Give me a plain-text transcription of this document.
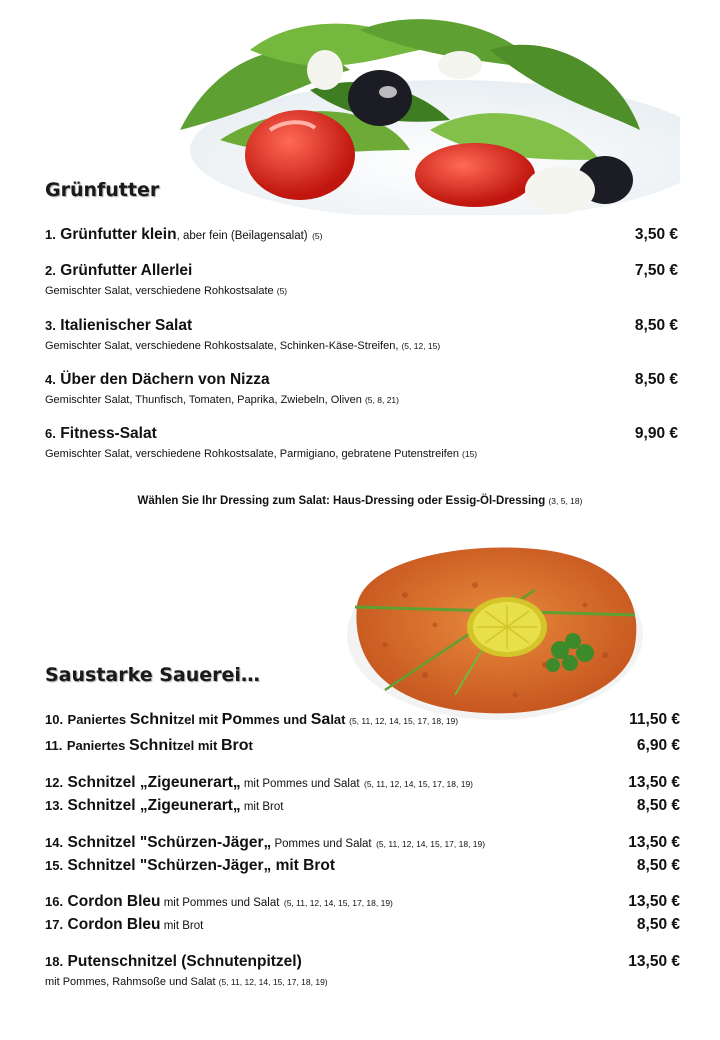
Grünfutter
1. Grünfutter klein, aber fein (Beilagensalat) (5)	3,50 €
2. Grünfutter Allerlei	7,50 €
Gemischter Salat, verschiedene Rohkostsalate (5)
3. Italienischer Salat	8,50 €
Gemischter Salat, verschiedene Rohkostsalate, Schinken-Käse-Streifen, (5, 12, 15)
4. Über den Dächern von Nizza	8,50 €
Gemischter Salat, Thunfisch, Tomaten, Paprika, Zwiebeln, Oliven (5, 8, 21)
6. Fitness-Salat	9,90 €
Gemischter Salat, verschiedene Rohkostsalate, Parmigiano, gebratene Putenstreifen (15)
Wählen Sie Ihr Dressing zum Salat: Haus-Dressing oder Essig-Öl-Dressing (3, 5, 18)
Saustarke Sauerei…
10. Paniertes Schnitzel mit Pommes und Salat (5, 11, 12, 14, 15, 17, 18, 19)	11,50 €
11. Paniertes Schnitzel mit Brot	6,90 €
12. Schnitzel „Zigeunerart„ mit Pommes und Salat (5, 11, 12, 14, 15, 17, 18, 19)	13,50 €
13. Schnitzel „Zigeunerart„ mit Brot	8,50 €
14. Schnitzel "Schürzen-Jäger„ Pommes und Salat (5, 11, 12, 14, 15, 17, 18, 19)	13,50 €
15. Schnitzel "Schürzen-Jäger„ mit Brot	8,50 €
16. Cordon Bleu mit Pommes und Salat (5, 11, 12, 14, 15, 17, 18, 19)	13,50 €
17. Cordon Bleu mit Brot	8,50 €
18. Putenschnitzel (Schnutenpitzel)	13,50 €
mit Pommes, Rahmsoße und Salat (5, 11, 12, 14, 15, 17, 18, 19)
